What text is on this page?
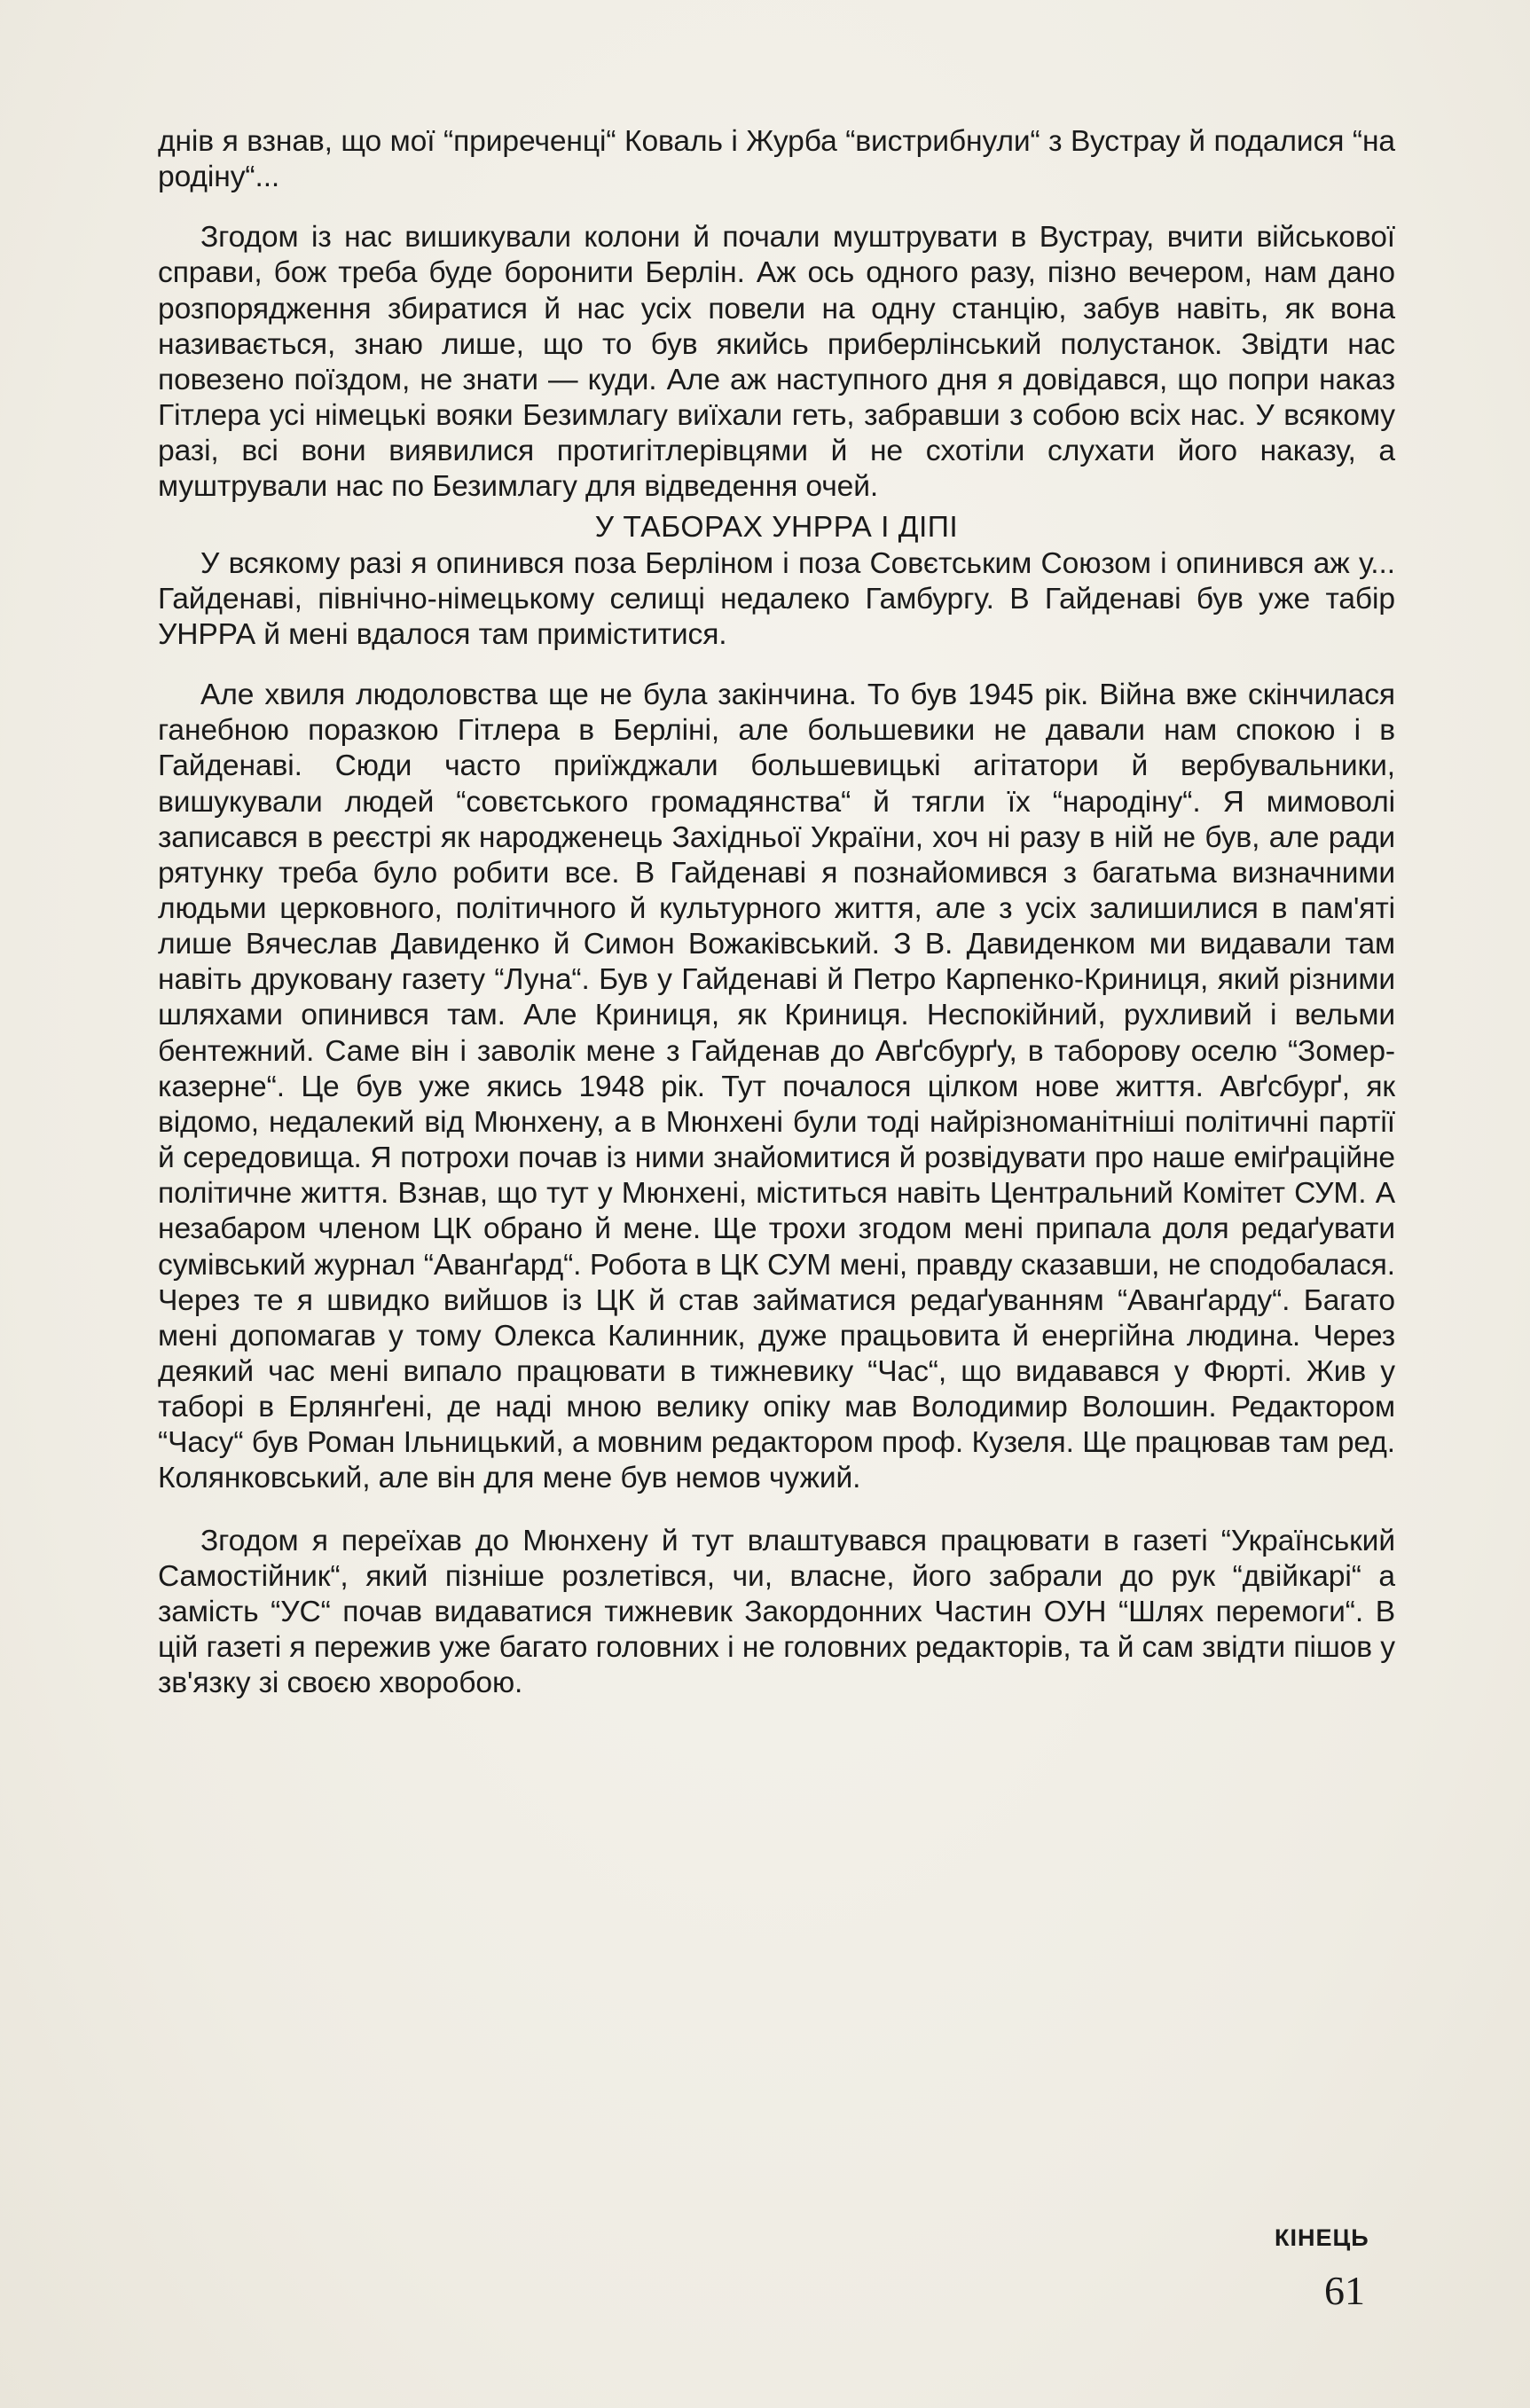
днів я взнав, що мої “приреченці“ Коваль і Журба “вистрибнули“ з Вустрау й подалися “на родіну“...

Згодом із нас вишикували колони й почали муштрувати в Вустрау, вчити військової справи, бож треба буде боронити Берлін. Аж ось одного разу, пізно вечером, нам дано розпорядження збиратися й нас усіх повели на одну станцію, забув навіть, як вона називається, знаю лише, що то був якийсь приберлінський полустанок. Звідти нас повезено поїздом, не знати — куди. Але аж наступного дня я довідався, що попри наказ Гітлера усі німецькі вояки Безимлагу виїхали геть, забравши з собою всіх нас. У всякому разі, всі вони виявилися протигітлерівцями й не схотіли слухати його наказу, а муштрували нас по Безимлагу для відведення очей.

У ТАБОРАХ УНРРА І ДІПІ

У всякому разі я опинився поза Берліном і поза Совєтським Союзом і опинився аж у... Гайденаві, північно-німецькому селищі недалеко Гамбургу. В Гайденаві був уже табір УНРРА й мені вдалося там приміститися.

Але хвиля людоловства ще не була закінчина. То був 1945 рік. Війна вже скінчилася ганебною поразкою Гітлера в Берліні, але большевики не давали нам спокою і в Гайденаві. Сюди часто приїжджали большевицькі агітатори й вербувальники, вишукували людей “совєтського громадянства“ й тягли їх “народіну“. Я мимоволі записався в реєстрі як народженець Західньої України, хоч ні разу в ній не був, але ради рятунку треба було робити все. В Гайденаві я познайомився з багатьма визначними людьми церковного, політичного й культурного життя, але з усіх залишилися в пам'яті лише Вячеслав Давиденко й Симон Вожаківський. З В. Давиденком ми видавали там навіть друковану газету “Луна“. Був у Гайденаві й Петро Карпенко-Криниця, який різними шляхами опинився там. Але Криниця, як Криниця. Неспокійний, рухливий і вельми бентежний. Саме він і заволік мене з Гайденав до Авґсбурґу, в таборову оселю “Зомер-казерне“. Це був уже якиcь 1948 рік. Тут почалося цілком нове життя. Авґсбурґ, як відомо, недалекий від Мюнхену, а в Мюнхені були тоді найрізноманітніші політичні партії й середовища. Я потрохи почав із ними знайомитися й розвідувати про наше еміґраційне політичне життя. Взнав, що тут у Мюнхені, міститься навіть Центральний Комітет СУМ. А незабаром членом ЦК обрано й мене. Ще трохи згодом мені припала доля редаґувати сумівський журнал “Аванґард“. Робота в ЦК СУМ мені, правду сказавши, не сподобалася. Через те я швидко вийшов із ЦК й став займатися редаґуванням “Аванґарду“. Багато мені допомагав у тому Олекса Калинник, дуже працьовита й енергійна людина. Через деякий час мені випало працювати в тижневику “Час“, що видавався у Фюрті. Жив у таборі в Ерлянґені, де наді мною велику опіку мав Володимир Волошин. Редактором “Часу“ був Роман Ільницький, а мовним редактором проф. Кузеля. Ще працював там ред. Колянковський, але він для мене був немов чужий.

Згодом я переїхав до Мюнхену й тут влаштувався працювати в газеті “Український Самостійник“, який пізніше розлетівся, чи, власне, його забрали до рук “двійкарі“ а замість “УС“ почав видаватися тижневик Закордонних Частин ОУН “Шлях перемоги“. В цій газеті я пережив уже багато головних і не головних редакторів, та й сам звідти пішов у зв'язку зі своєю хворобою.

КІНЕЦЬ
61
